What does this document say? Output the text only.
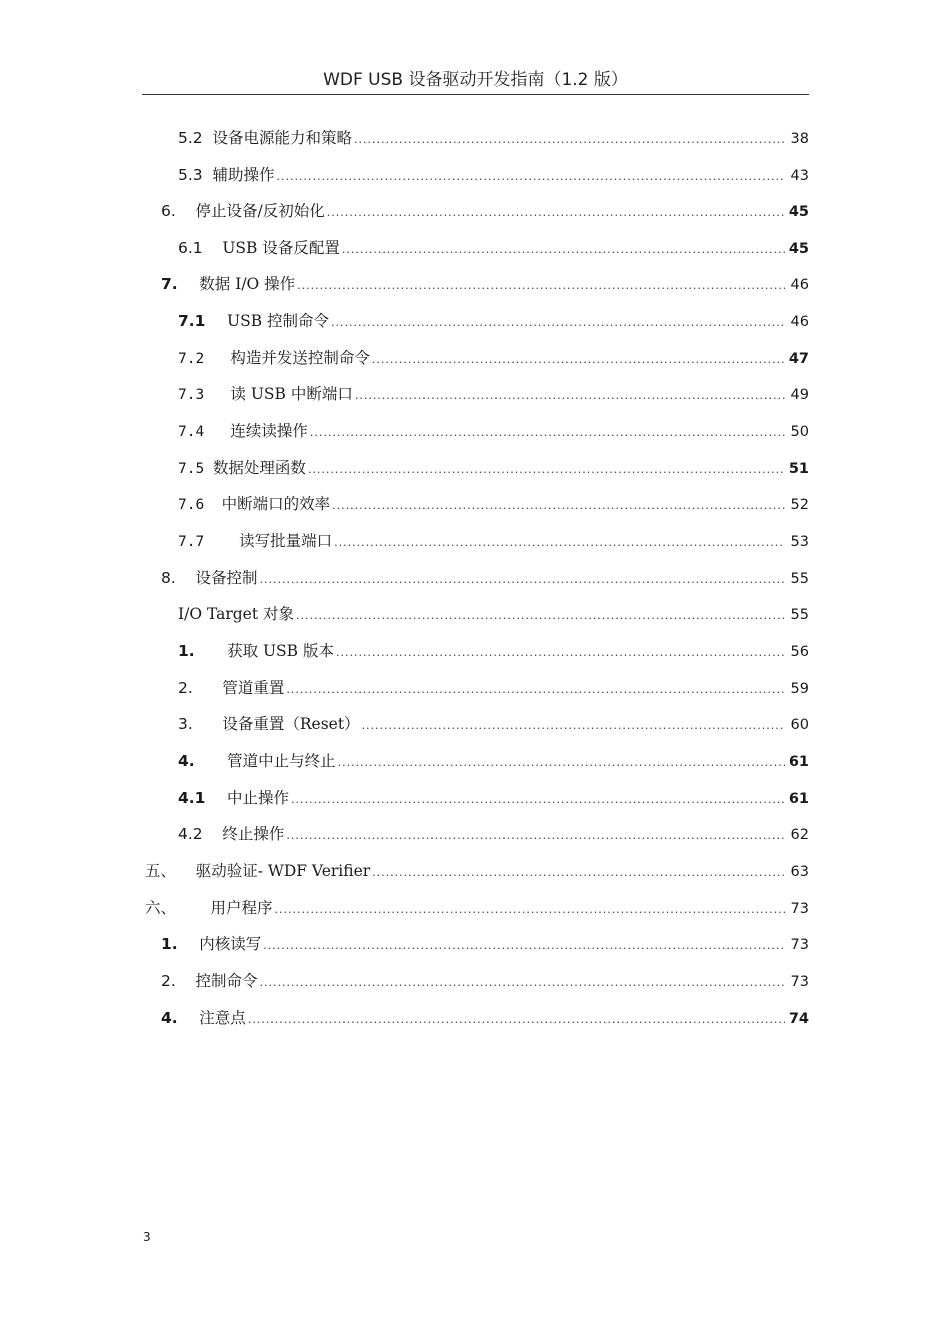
WDF USB 设备驱动开发指南（1.2 版）
5.2 设备电源能力和策略 .....	38
5.3 辅助操作 .....	43
6. 停止设备/反初始化 .....	45
6.1 USB 设备反配置 .....	45
7. 数据 I/O 操作 .....	46
7.1 USB 控制命令 .....	46
7.2 构造并发送控制命令 .....	47
7.3 读 USB 中断端口 .....	49
7.4 连续读操作 .....	50
7.5 数据处理函数 .....	51
7.6 中断端口的效率 .....	52
7.7 读写批量端口 .....	53
8. 设备控制 .....	55
I/O Target 对象 .....	55
1. 获取 USB 版本 .....	56
2. 管道重置 .....	59
3. 设备重置（Reset） .....	60
4. 管道中止与终止 .....	61
4.1 中止操作 .....	61
4.2 终止操作 .....	62
五、 驱动验证- WDF Verifier .....	63
六、 用户程序 .....	73
1. 内核读写 .....	73
2. 控制命令 .....	73
4. 注意点 .....	74
3
